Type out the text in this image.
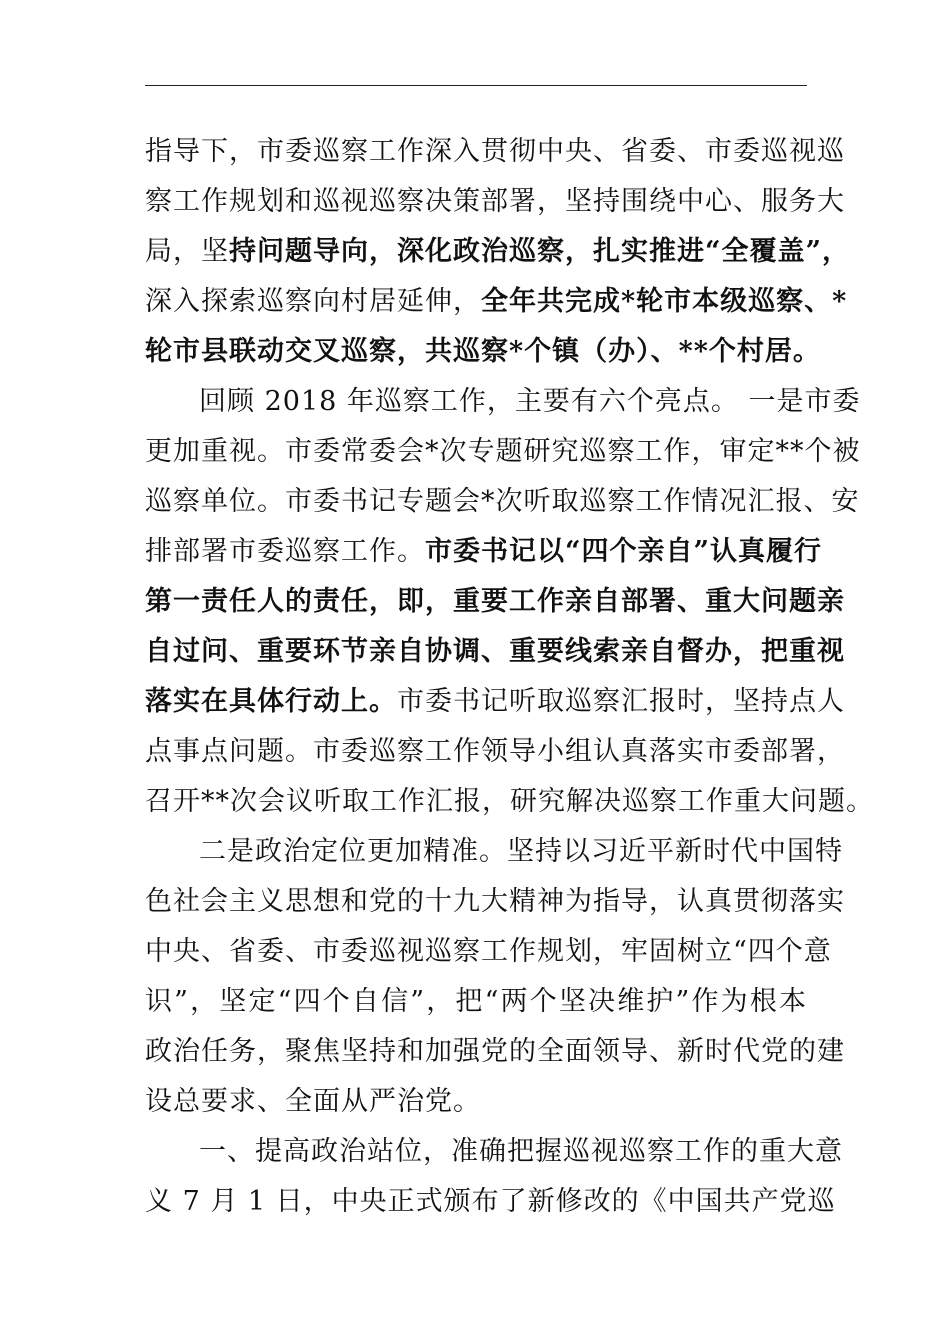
指导下，市委巡察工作深入贯彻中央、省委、市委巡视巡
察工作规划和巡视巡察决策部署，坚持围绕中心、服务大
局，坚持问题导向，深化政治巡察，扎实推进“全覆盖”，
深入探索巡察向村居延伸，全年共完成*轮市本级巡察、*
轮市县联动交叉巡察，共巡察*个镇（办）、**个村居。
回顾 2018 年巡察工作，主要有六个亮点。 一是市委
更加重视。市委常委会*次专题研究巡察工作，审定**个被
巡察单位。市委书记专题会*次听取巡察工作情况汇报、安
排部署市委巡察工作。市委书记以“四个亲自”认真履行
第一责任人的责任，即，重要工作亲自部署、重大问题亲
自过问、重要环节亲自协调、重要线索亲自督办，把重视
落实在具体行动上。市委书记听取巡察汇报时，坚持点人
点事点问题。市委巡察工作领导小组认真落实市委部署，
召开**次会议听取工作汇报，研究解决巡察工作重大问题。
二是政治定位更加精准。坚持以习近平新时代中国特
色社会主义思想和党的十九大精神为指导，认真贯彻落实
中央、省委、市委巡视巡察工作规划，牢固树立“四个意
识”，坚定“四个自信”，把“两个坚决维护”作为根本
政治任务，聚焦坚持和加强党的全面领导、新时代党的建
设总要求、全面从严治党。
一、提高政治站位，准确把握巡视巡察工作的重大意
义 7 月 1 日，中央正式颁布了新修改的《中国共产党巡
